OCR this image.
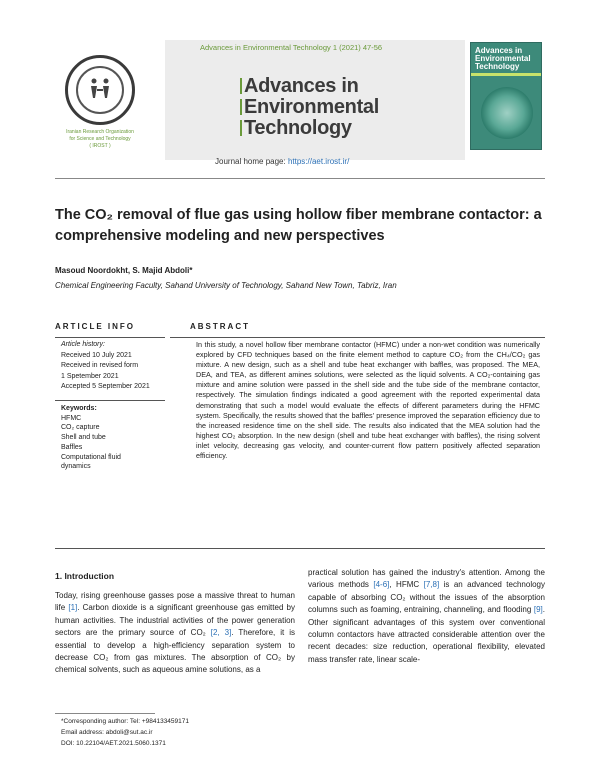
Iranian Research Organization
for Science and Technology
( IROST )
Advances in Environmental Technology 1 (2021) 47-56
Advances in
Environmental
Technology
Journal home page: https://aet.irost.ir/
Advances in
Environmental
Technology
The CO₂ removal of flue gas using hollow fiber membrane contactor: a comprehensive modeling and new perspectives
Masoud Noordokht, S. Majid Abdoli*
Chemical Engineering Faculty, Sahand University of Technology, Sahand New Town, Tabriz, Iran
ARTICLE INFO
Article history:
Received 10 July 2021
Received in revised form
1 Spetember 2021
Accepted 5 September 2021
Keywords:
HFMC
CO₂ capture
Shell and tube
Baffles
Computational fluid
dynamics
ABSTRACT
In this study, a novel hollow fiber membrane contactor (HFMC) under a non-wet condition was numerically explored by CFD techniques based on the finite element method to capture CO₂ from the CH₄/CO₂ gas mixture. A new design, such as a shell and tube heat exchanger with baffles, was proposed. The MEA, DEA, and TEA, as different amines solutions, were selected as the liquid solvents. A CO₂-containing gas mixture and amine solution were passed in the shell side and the tube side of the membrane contactor, respectively. The simulation findings indicated a good agreement with the reported experimental data demonstrating that such a model would evaluate the effects of different parameters during the HFMC system. Specifically, the results showed that the baffles' presence improved the separation efficiency due to the increased residence time on the shell side. The results also indicated that the MEA solution had the highest CO₂ absorption. In the new design (shell and tube heat exchanger with baffles), the rising solvent inlet velocity, decreasing gas velocity, and counter-current flow pattern positively affected separation efficiency.
1. Introduction
Today, rising greenhouse gasses pose a massive threat to human life [1]. Carbon dioxide is a significant greenhouse gas emitted by human activities. The industrial activities of the power generation sectors are the primary source of CO₂ [2, 3]. Therefore, it is essential to develop a high-efficiency separation system to decrease CO₂ from gas mixtures. The absorption of CO₂ by chemical solvents, such as aqueous amine solutions, as a
practical solution has gained the industry's attention. Among the various methods [4-6], HFMC [7,8] is an advanced technology capable of absorbing CO₂ without the issues of the absorption columns such as foaming, entraining, channeling, and flooding [9]. Other significant advantages of this system over conventional column contactors have attracted considerable attention over the recent decades: size reduction, operational flexibility, elevated mass transfer rate, linear scale-
*Corresponding author: Tel: +984133459171
Email address: abdoli@sut.ac.ir
DOI: 10.22104/AET.2021.5060.1371
